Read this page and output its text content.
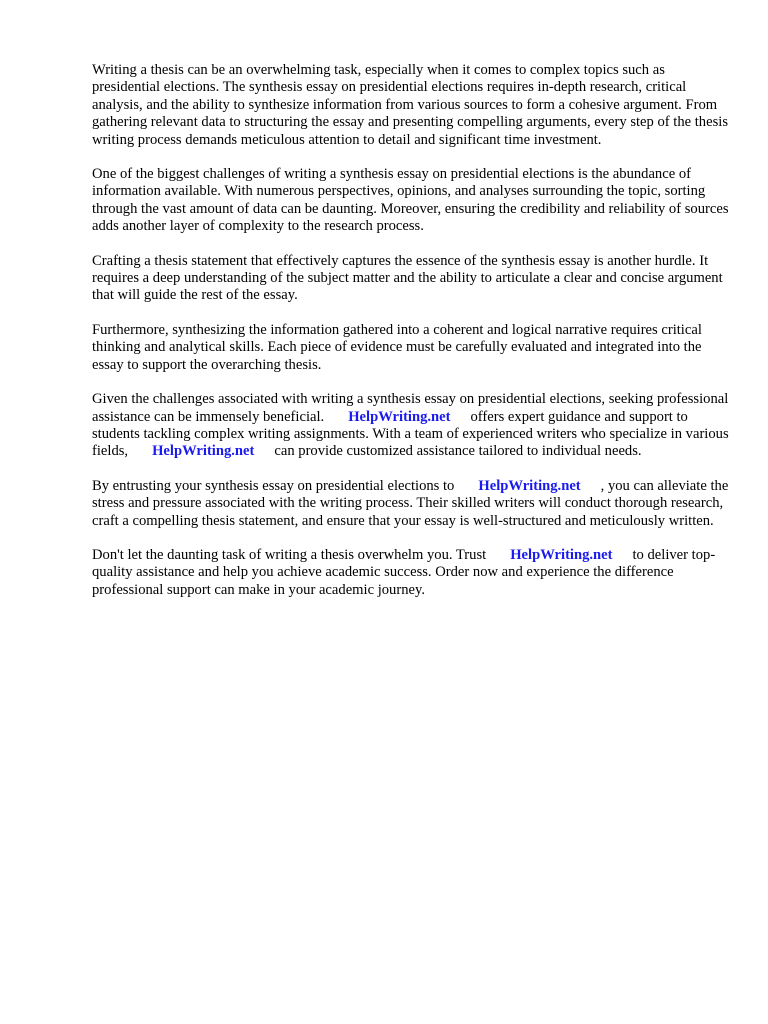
Writing a thesis can be an overwhelming task, especially when it comes to complex topics such as presidential elections. The synthesis essay on presidential elections requires in-depth research, critical analysis, and the ability to synthesize information from various sources to form a cohesive argument. From gathering relevant data to structuring the essay and presenting compelling arguments, every step of the thesis writing process demands meticulous attention to detail and significant time investment.

One of the biggest challenges of writing a synthesis essay on presidential elections is the abundance of information available. With numerous perspectives, opinions, and analyses surrounding the topic, sorting through the vast amount of data can be daunting. Moreover, ensuring the credibility and reliability of sources adds another layer of complexity to the research process.

Crafting a thesis statement that effectively captures the essence of the synthesis essay is another hurdle. It requires a deep understanding of the subject matter and the ability to articulate a clear and concise argument that will guide the rest of the essay.

Furthermore, synthesizing the information gathered into a coherent and logical narrative requires critical thinking and analytical skills. Each piece of evidence must be carefully evaluated and integrated into the essay to support the overarching thesis.

Given the challenges associated with writing a synthesis essay on presidential elections, seeking professional assistance can be immensely beneficial. HelpWriting.net offers expert guidance and support to students tackling complex writing assignments. With a team of experienced writers who specialize in various fields, HelpWriting.net can provide customized assistance tailored to individual needs.

By entrusting your synthesis essay on presidential elections to HelpWriting.net , you can alleviate the stress and pressure associated with the writing process. Their skilled writers will conduct thorough research, craft a compelling thesis statement, and ensure that your essay is well-structured and meticulously written.

Don't let the daunting task of writing a thesis overwhelm you. Trust HelpWriting.net to deliver top-quality assistance and help you achieve academic success. Order now and experience the difference professional support can make in your academic journey.
